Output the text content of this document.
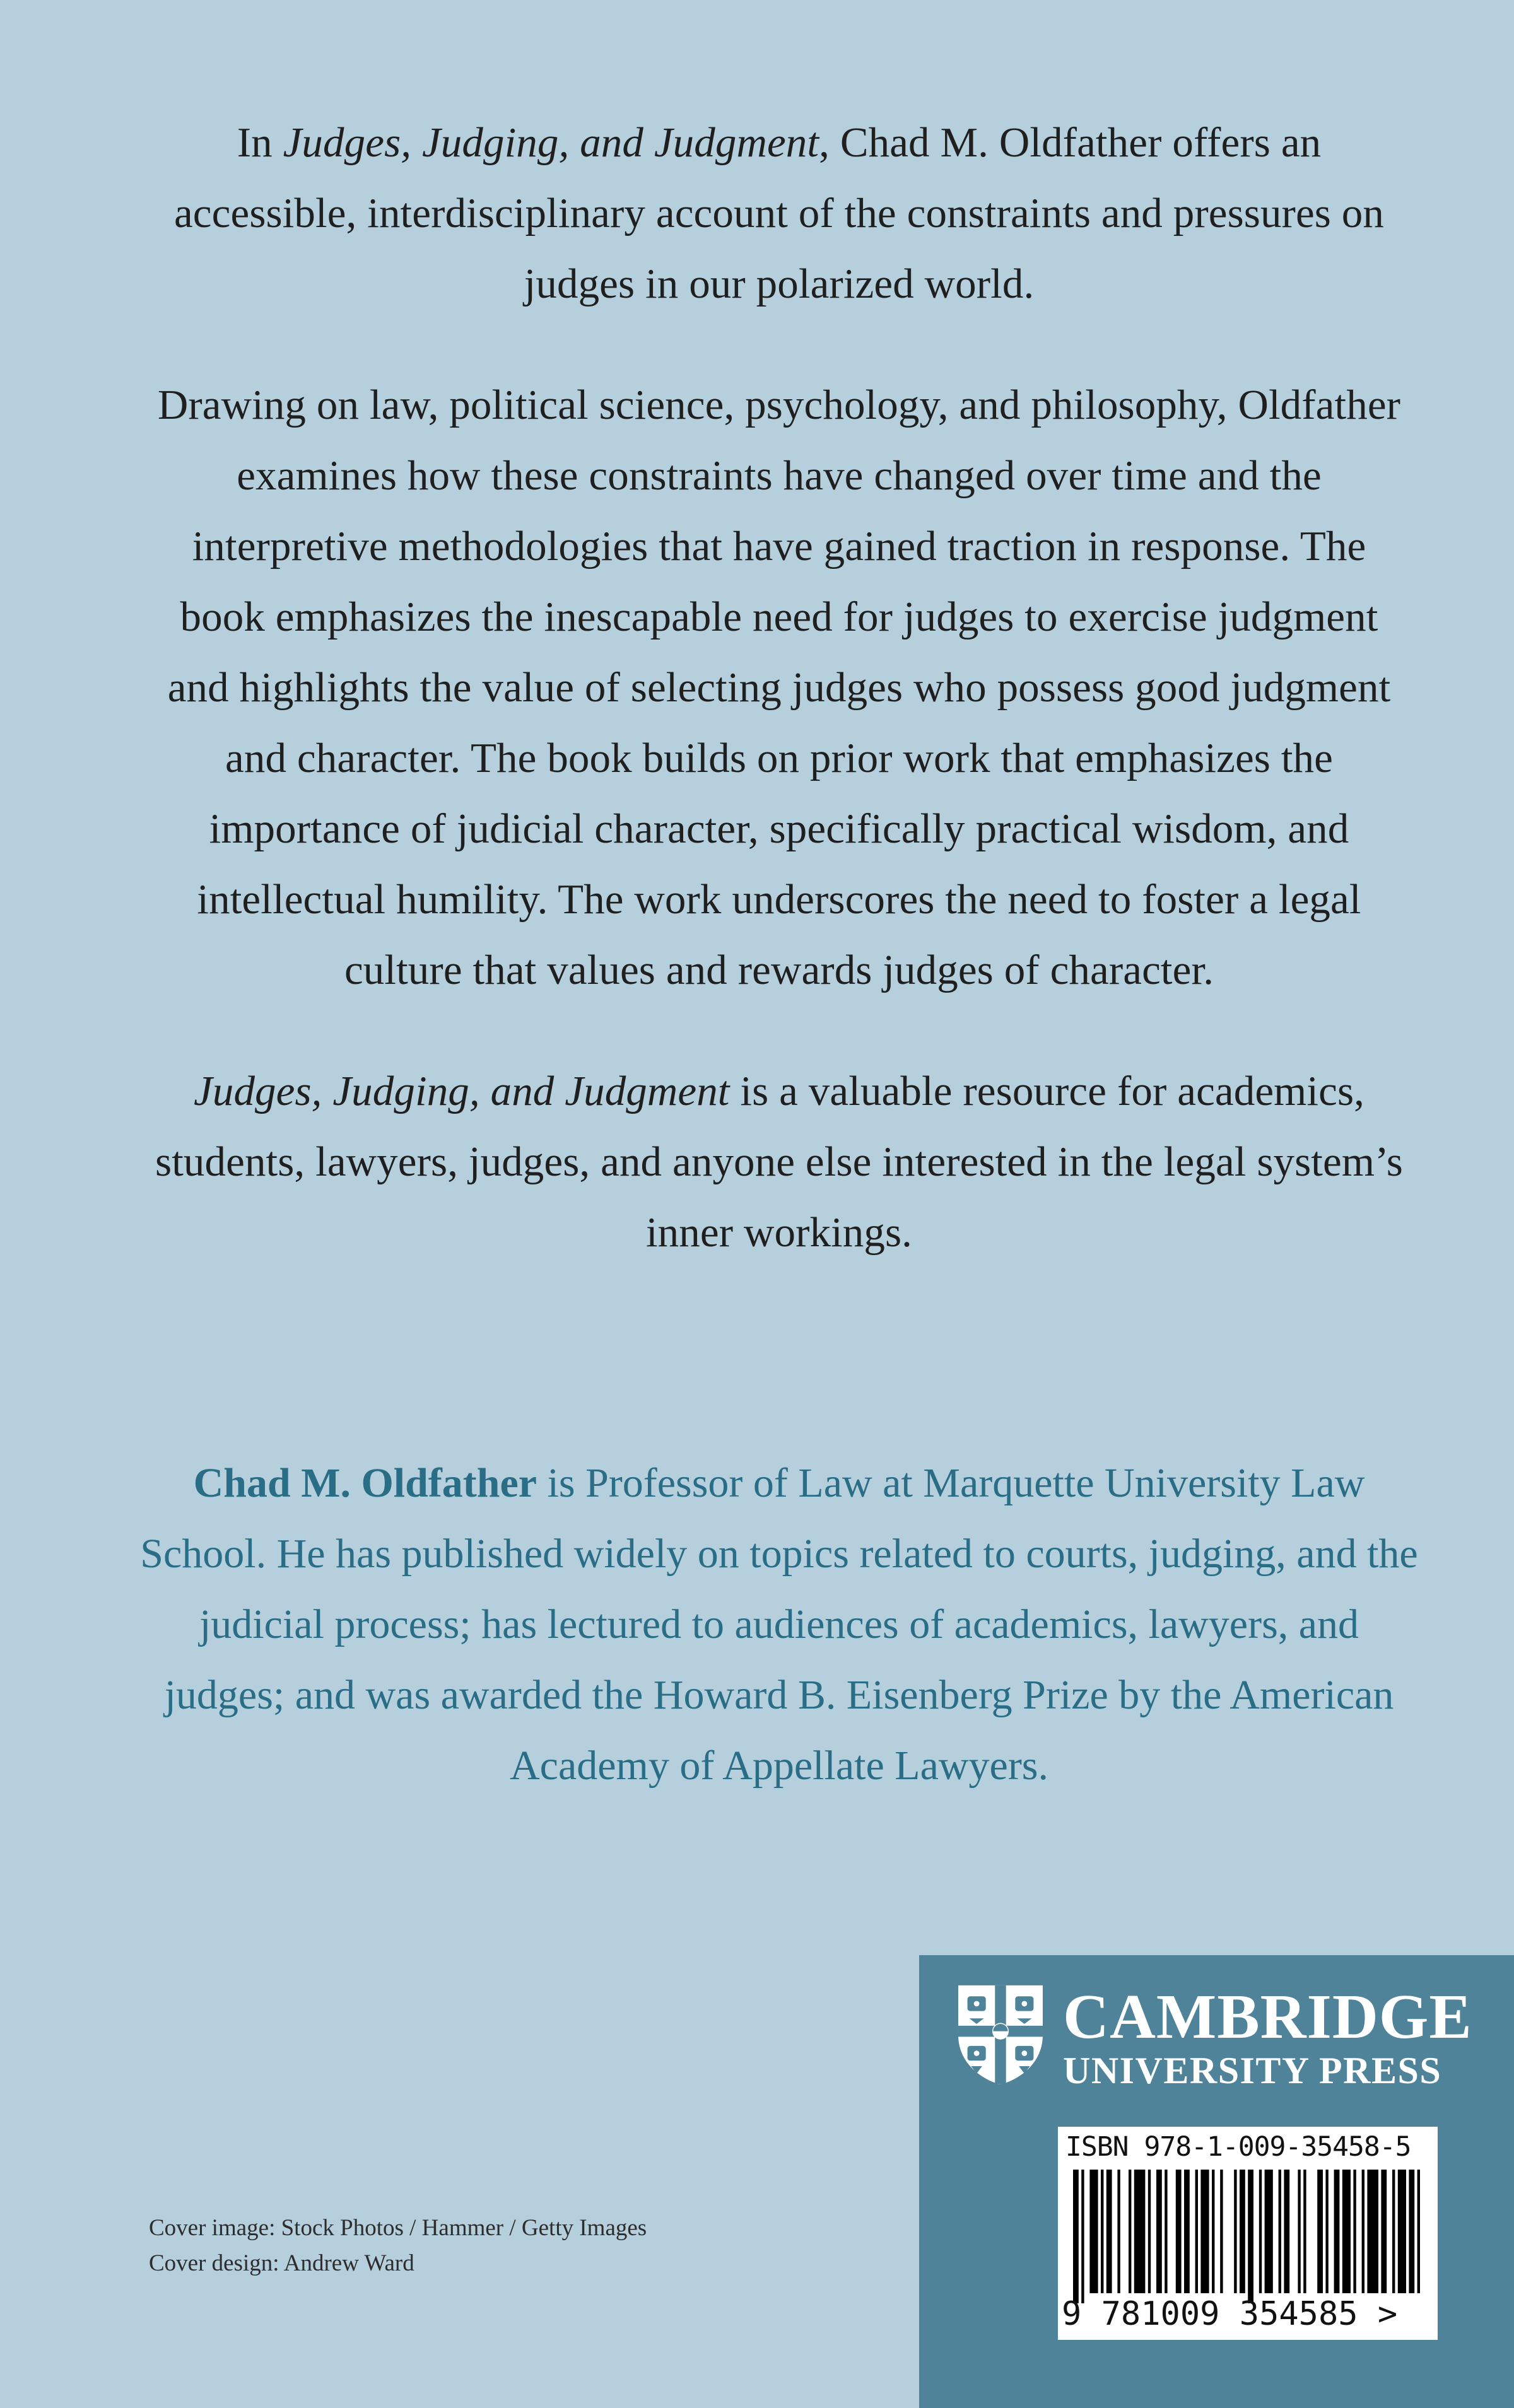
In Judges, Judging, and Judgment, Chad M. Oldfather offers an accessible, interdisciplinary account of the constraints and pressures on judges in our polarized world.

Drawing on law, political science, psychology, and philosophy, Oldfather examines how these constraints have changed over time and the interpretive methodologies that have gained traction in response. The book emphasizes the inescapable need for judges to exercise judgment and highlights the value of selecting judges who possess good judgment and character. The book builds on prior work that emphasizes the importance of judicial character, specifically practical wisdom, and intellectual humility. The work underscores the need to foster a legal culture that values and rewards judges of character.

Judges, Judging, and Judgment is a valuable resource for academics, students, lawyers, judges, and anyone else interested in the legal system’s inner workings.

Chad M. Oldfather is Professor of Law at Marquette University Law School. He has published widely on topics related to courts, judging, and the judicial process; has lectured to audiences of academics, lawyers, and judges; and was awarded the Howard B. Eisenberg Prize by the American Academy of Appellate Lawyers.

Cover image: Stock Photos / Hammer / Getty Images
Cover design: Andrew Ward
CAMBRIDGE
UNIVERSITY PRESS
ISBN 978-1-009-35458-5
9 781009 354585 >
